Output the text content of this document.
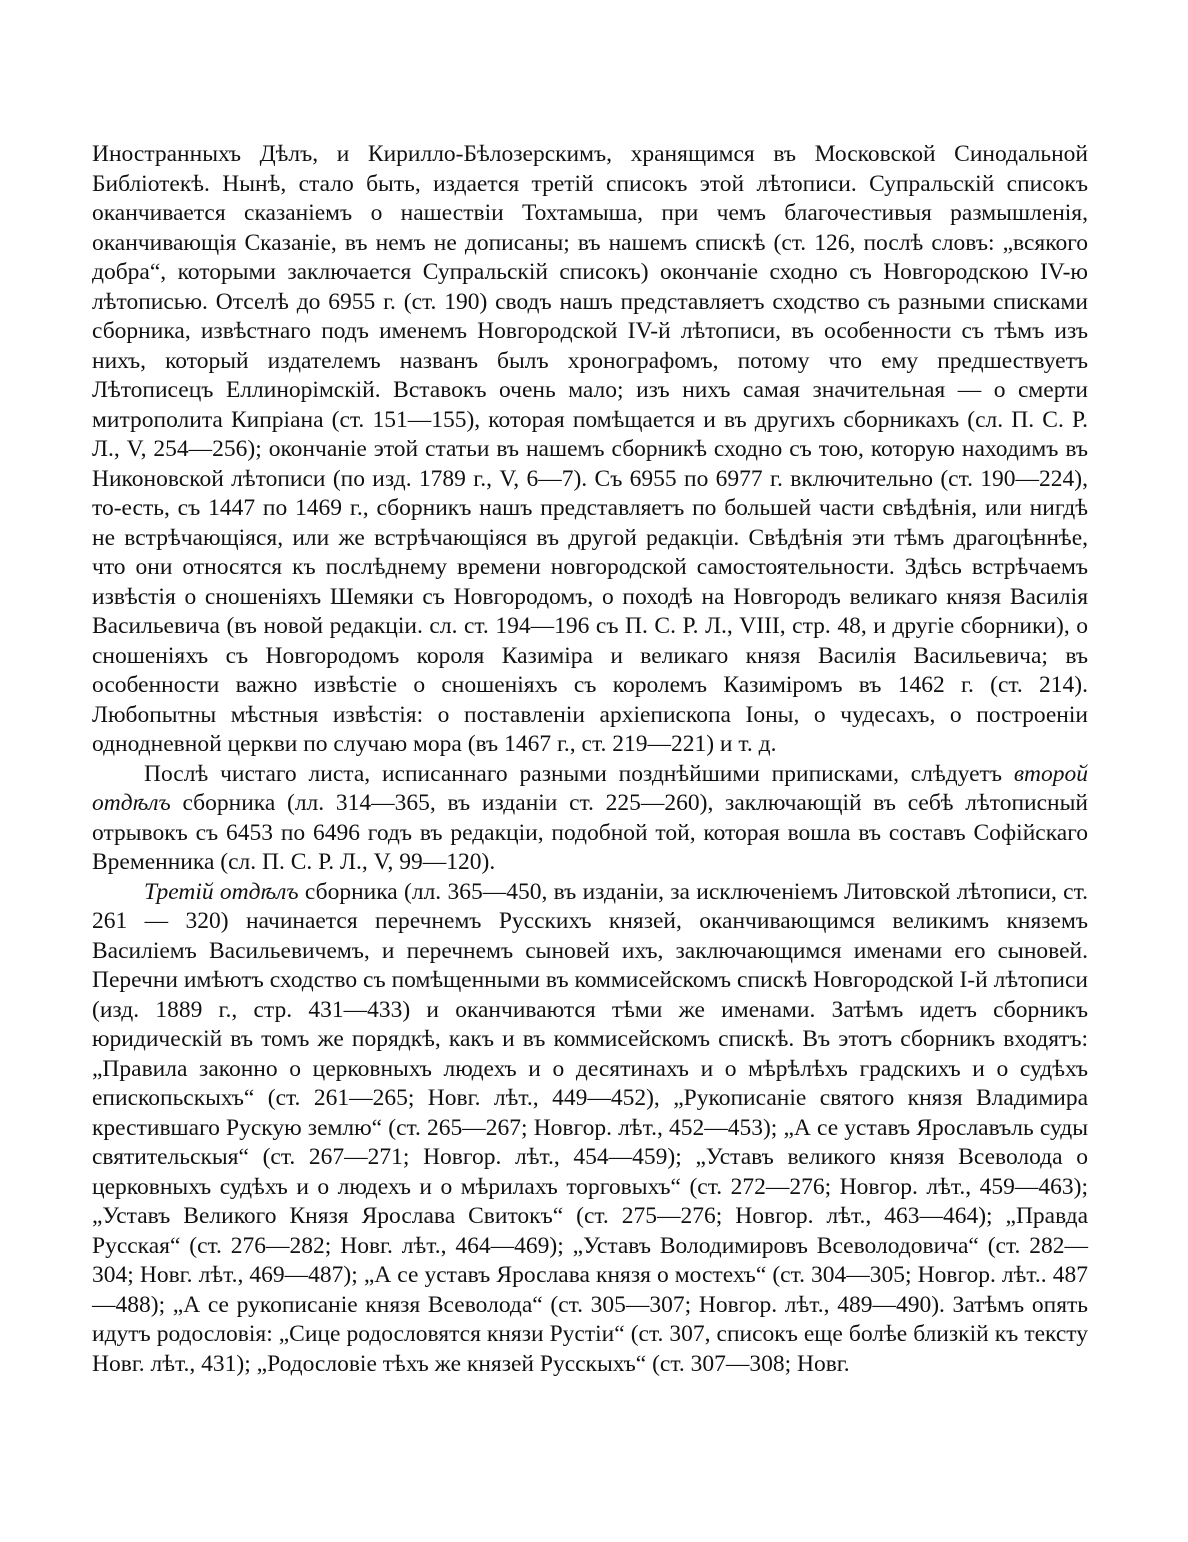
Иностранныхъ Дѣлъ, и Кирилло-Бѣлозерскимъ, хранящимся въ Московской Синодальной Библіотекѣ. Нынѣ, стало быть, издается третій списокъ этой лѣтописи. Супральскій списокъ оканчивается сказаніемъ о нашествіи Тохтамыша, при чемъ благочестивыя размышленія, оканчивающія Сказаніе, въ немъ не дописаны; въ нашемъ спискѣ (ст. 126, послѣ словъ: „всякого добра“, которыми заключается Супральскій списокъ) окончаніе сходно съ Новгородскою IV-ю лѣтописью. Отселѣ до 6955 г. (ст. 190) сводъ нашъ представляетъ сходство съ разными списками сборника, извѣстнаго подъ именемъ Новгородской IV-й лѣтописи, въ особенности съ тѣмъ изъ нихъ, который издателемъ названъ былъ хронографомъ, потому что ему предшествуетъ Лѣтописецъ Еллинорімскій. Вставокъ очень мало; изъ нихъ самая значительная — о смерти митрополита Кипріана (ст. 151—155), которая помѣщается и въ другихъ сборникахъ (сл. П. С. Р. Л., V, 254—256); окончаніе этой статьи въ нашемъ сборникѣ сходно съ тою, которую находимъ въ Никоновской лѣтописи (по изд. 1789 г., V, 6—7). Съ 6955 по 6977 г. включительно (ст. 190—224), то-есть, съ 1447 по 1469 г., сборникъ нашъ представляетъ по большей части свѣдѣнія, или нигдѣ не встрѣчающіяся, или же встрѣчающіяся въ другой редакціи. Свѣдѣнія эти тѣмъ драгоцѣннѣе, что они относятся къ послѣднему времени новгородской самостоятельности. Здѣсь встрѣчаемъ извѣстія о сношеніяхъ Шемяки съ Новгородомъ, о походѣ на Новгородъ великаго князя Василія Васильевича (въ новой редакціи. сл. ст. 194—196 съ П. С. Р. Л., VIII, стр. 48, и другіе сборники), о сношеніяхъ съ Новгородомъ короля Казиміра и великаго князя Василія Васильевича; въ особенности важно извѣстіе о сношеніяхъ съ королемъ Казиміромъ въ 1462 г. (ст. 214). Любопытны мѣстныя извѣстія: о поставленіи архіепископа Іоны, о чудесахъ, о построеніи однодневной церкви по случаю мора (въ 1467 г., ст. 219—221) и т. д.

Послѣ чистаго листа, исписаннаго разными позднѣйшими приписками, слѣдуетъ второй отдѣлъ сборника (лл. 314—365, въ изданіи ст. 225—260), заключающій въ себѣ лѣтописный отрывокъ съ 6453 по 6496 годъ въ редакціи, подобной той, которая вошла въ составъ Софійскаго Временника (сл. П. С. Р. Л., V, 99—120).

Третій отдѣлъ сборника (лл. 365—450, въ изданіи, за исключеніемъ Литовской лѣтописи, ст. 261 — 320) начинается перечнемъ Русскихъ князей, оканчивающимся великимъ княземъ Василіемъ Васильевичемъ, и перечнемъ сыновей ихъ, заключающимся именами его сыновей. Перечни имѣютъ сходство съ помѣщенными въ коммисейскомъ спискѣ Новгородской I-й лѣтописи (изд. 1889 г., стр. 431—433) и оканчиваются тѣми же именами. Затѣмъ идетъ сборникъ юридическій въ томъ же порядкѣ, какъ и въ коммисейскомъ спискѣ. Въ этотъ сборникъ входятъ: „Правила законно о церковныхъ людехъ и о десятинахъ и о мѣрѣлѣхъ градскихъ и о судѣхъ епископьскыхъ“ (ст. 261—265; Новг. лѣт., 449—452), „Рукописаніе святого князя Владимира крестившаго Рускую землю“ (ст. 265—267; Новгор. лѣт., 452—453); „А се уставъ Ярославъль суды святительскыя“ (ст. 267—271; Новгор. лѣт., 454—459); „Уставъ великого князя Всеволода о церковныхъ судѣхъ и о людехъ и о мѣрилахъ торговыхъ“ (ст. 272—276; Новгор. лѣт., 459—463); „Уставъ Великого Князя Ярослава Свитокъ“ (ст. 275—276; Новгор. лѣт., 463—464); „Правда Русская“ (ст. 276—282; Новг. лѣт., 464—469); „Уставъ Володимировъ Всеволодовича“ (ст. 282—304; Новг. лѣт., 469—487); „А се уставъ Ярослава князя о мостехъ“ (ст. 304—305; Новгор. лѣт.. 487—488); „А се рукописаніе князя Всеволода“ (ст. 305—307; Новгор. лѣт., 489—490). Затѣмъ опять идутъ родословія: „Сице родословятся князи Рустіи“ (ст. 307, списокъ еще болѣе близкій къ тексту Новг. лѣт., 431); „Родословіе тѣхъ же князей Русскыхъ“ (ст. 307—308; Новг.
